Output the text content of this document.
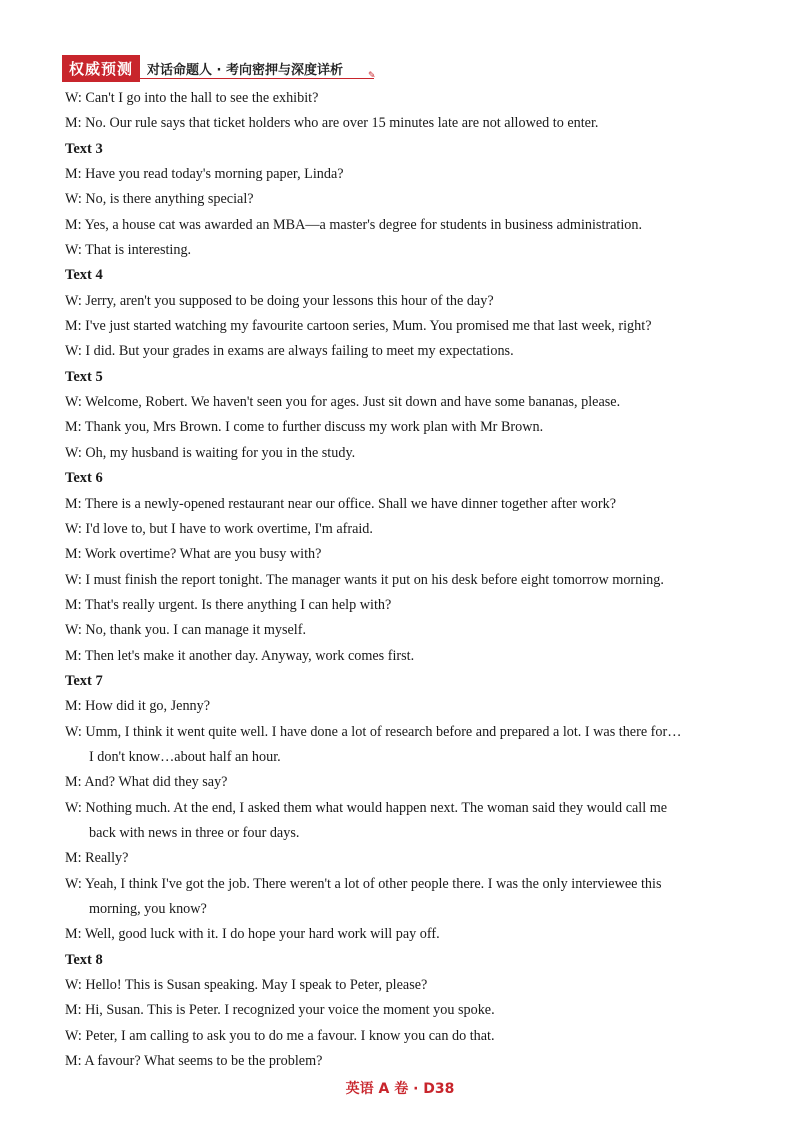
权威预测	对话命题人 · 考向密押与深度详析	✎
W: Can't I go into the hall to see the exhibit?
M: No. Our rule says that ticket holders who are over 15 minutes late are not allowed to enter.
Text 3
M: Have you read today's morning paper, Linda?
W: No, is there anything special?
M: Yes, a house cat was awarded an MBA—a master's degree for students in business administration.
W: That is interesting.
Text 4
W: Jerry, aren't you supposed to be doing your lessons this hour of the day?
M: I've just started watching my favourite cartoon series, Mum. You promised me that last week, right?
W: I did. But your grades in exams are always failing to meet my expectations.
Text 5
W: Welcome, Robert. We haven't seen you for ages. Just sit down and have some bananas, please.
M: Thank you, Mrs Brown. I come to further discuss my work plan with Mr Brown.
W: Oh, my husband is waiting for you in the study.
Text 6
M: There is a newly-opened restaurant near our office. Shall we have dinner together after work?
W: I'd love to, but I have to work overtime, I'm afraid.
M: Work overtime? What are you busy with?
W: I must finish the report tonight. The manager wants it put on his desk before eight tomorrow morning.
M: That's really urgent. Is there anything I can help with?
W: No, thank you. I can manage it myself.
M: Then let's make it another day. Anyway, work comes first.
Text 7
M: How did it go, Jenny?
W: Umm, I think it went quite well. I have done a lot of research before and prepared a lot. I was there for…
I don't know…about half an hour.
M: And? What did they say?
W: Nothing much. At the end, I asked them what would happen next. The woman said they would call me
back with news in three or four days.
M: Really?
W: Yeah, I think I've got the job. There weren't a lot of other people there. I was the only interviewee this
morning, you know?
M: Well, good luck with it. I do hope your hard work will pay off.
Text 8
W: Hello! This is Susan speaking. May I speak to Peter, please?
M: Hi, Susan. This is Peter. I recognized your voice the moment you spoke.
W: Peter, I am calling to ask you to do me a favour. I know you can do that.
M: A favour? What seems to be the problem?
英语 A 卷 · D38
